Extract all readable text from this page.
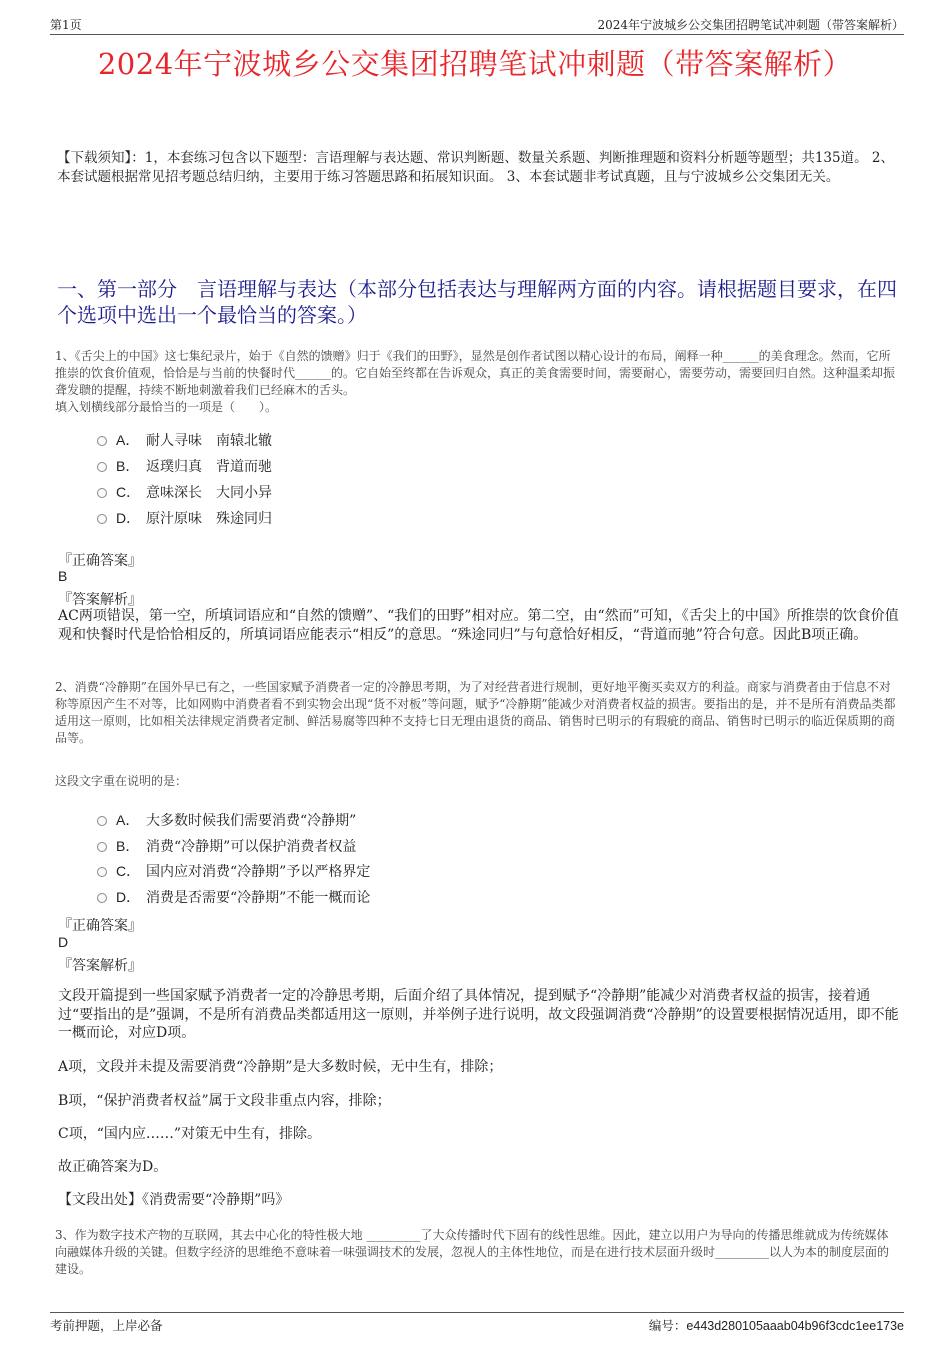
第1页	2024年宁波城乡公交集团招聘笔试冲刺题（带答案解析）
2024年宁波城乡公交集团招聘笔试冲刺题（带答案解析）
【下载须知】：1，本套练习包含以下题型：言语理解与表达题、常识判断题、数量关系题、判断推理题和资料分析题等题型；共135道。 2、本套试题根据常见招考题总结归纳，主要用于练习答题思路和拓展知识面。 3、本套试题非考试真题，且与宁波城乡公交集团无关。
一、第一部分　言语理解与表达（本部分包括表达与理解两方面的内容。请根据题目要求，在四个选项中选出一个最恰当的答案。）
1、《舌尖上的中国》这七集纪录片，始于《自然的馈赠》归于《我们的田野》，显然是创作者试图以精心设计的布局，阐释一种______的美食理念。然而，它所推崇的饮食价值观，恰恰是与当前的快餐时代______的。它自始至终都在告诉观众，真正的美食需要时间，需要耐心，需要劳动，需要回归自然。这种温柔却振聋发聩的提醒，持续不断地刺激着我们已经麻木的舌头。
填入划横线部分最恰当的一项是（　　）。
A． 耐人寻味　南辕北辙
B． 返璞归真　背道而驰
C． 意味深长　大同小异
D． 原汁原味　殊途同归
『正确答案』
B
『答案解析』
AC两项错误，第一空，所填词语应和“自然的馈赠”、“我们的田野”相对应。第二空，由“然而”可知，《舌尖上的中国》所推崇的饮食价值观和快餐时代是恰恰相反的，所填词语应能表示“相反”的意思。“殊途同归”与句意恰好相反，“背道而驰”符合句意。因此B项正确。
2、消费“冷静期”在国外早已有之，一些国家赋予消费者一定的冷静思考期，为了对经营者进行规制，更好地平衡买卖双方的利益。商家与消费者由于信息不对称等原因产生不对等，比如网购中消费者看不到实物会出现“货不对板”等问题，赋予“冷静期”能减少对消费者权益的损害。要指出的是，并不是所有消费品类都适用这一原则，比如相关法律规定消费者定制、鲜活易腐等四种不支持七日无理由退货的商品、销售时已明示的有瑕疵的商品、销售时已明示的临近保质期的商品等。
这段文字重在说明的是：
A． 大多数时候我们需要消费“冷静期”
B． 消费“冷静期”可以保护消费者权益
C． 国内应对消费“冷静期”予以严格界定
D． 消费是否需要“冷静期”不能一概而论
『正确答案』
D
『答案解析』
文段开篇提到一些国家赋予消费者一定的冷静思考期，后面介绍了具体情况，提到赋予“冷静期”能减少对消费者权益的损害，接着通过“要指出的是”强调，不是所有消费品类都适用这一原则，并举例子进行说明，故文段强调消费“冷静期”的设置要根据情况适用，即不能一概而论，对应D项。
A项，文段并未提及需要消费“冷静期”是大多数时候，无中生有，排除；
B项，“保护消费者权益”属于文段非重点内容，排除；
C项，“国内应……”对策无中生有，排除。
故正确答案为D。
【文段出处】《消费需要“冷静期”吗》
3、作为数字技术产物的互联网，其去中心化的特性极大地 _________了大众传播时代下固有的线性思维。因此，建立以用户为导向的传播思维就成为传统媒体向融媒体升级的关键。但数字经济的思维绝不意味着一味强调技术的发展，忽视人的主体性地位，而是在进行技术层面升级时_________以人为本的制度层面的建设。
考前押题，上岸必备	编号：e443d280105aaab04b96f3cdc1ee173e
